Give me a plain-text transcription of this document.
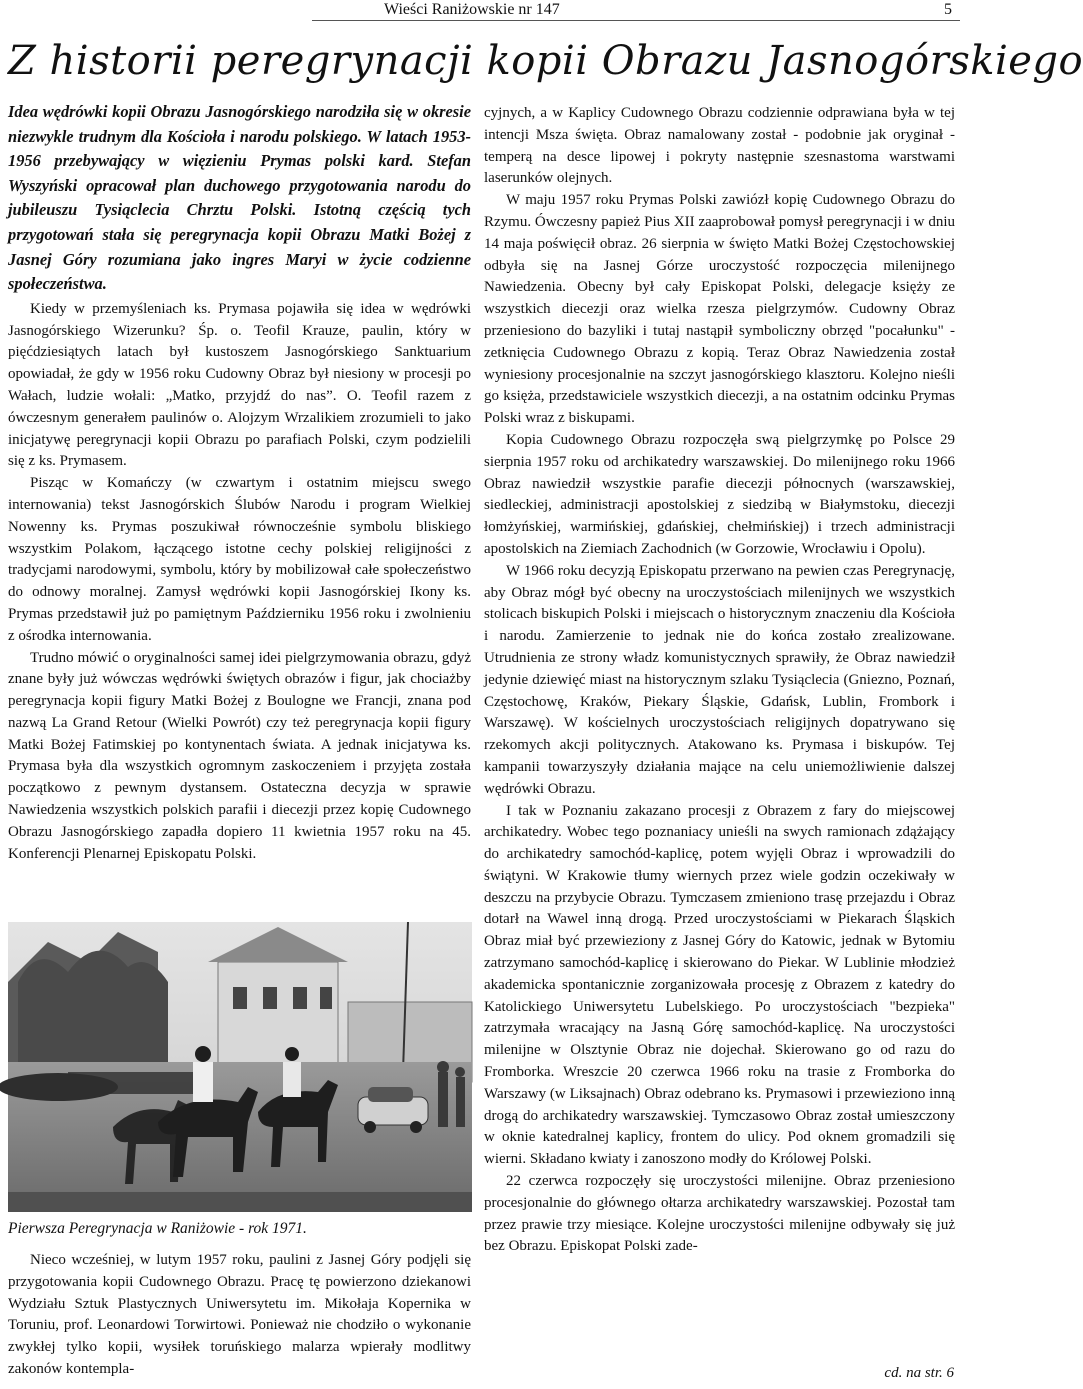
Wieści Raniżowskie nr 147	5
Z historii peregrynacji kopii Obrazu Jasnogórskiego

Idea wędrówki kopii Obrazu Jasnogórskiego narodziła się w okresie niezwykle trudnym dla Kościoła i narodu polskiego. W latach 1953-1956 przebywający w więzieniu Prymas polski kard. Stefan Wyszyński opracował plan duchowego przygotowania narodu do jubileuszu Tysiąclecia Chrztu Polski. Istotną częścią tych przygotowań stała się peregrynacja kopii Obrazu Matki Bożej z Jasnej Góry rozumiana jako ingres Maryi w życie codzienne społeczeństwa.

Kiedy w przemyśleniach ks. Prymasa pojawiła się idea w wędrówki Jasnogórskiego Wizerunku? Śp. o. Teofil Krauze, paulin, który w pięćdziesiątych latach był kustoszem Jasnogórskiego Sanktuarium opowiadał, że gdy w 1956 roku Cudowny Obraz był niesiony w procesji po Wałach, ludzie wołali: „Matko, przyjdź do nas”. O. Teofil razem z ówczesnym generałem paulinów o. Alojzym Wrzalikiem zrozumieli to jako inicjatywę peregrynacji kopii Obrazu po parafiach Polski, czym podzielili się z ks. Prymasem.

Pisząc w Komańczy (w czwartym i ostatnim miejscu swego internowania) tekst Jasnogórskich Ślubów Narodu i program Wielkiej Nowenny ks. Prymas poszukiwał równocześnie symbolu bliskiego wszystkim Polakom, łączącego istotne cechy polskiej religijności z tradycjami narodowymi, symbolu, który by mobilizował całe społeczeństwo do odnowy moralnej. Zamysł wędrówki kopii Jasnogórskiej Ikony ks. Prymas przedstawił już po pamiętnym Październiku 1956 roku i zwolnieniu z ośrodka internowania.

Trudno mówić o oryginalności samej idei pielgrzymowania obrazu, gdyż znane były już wówczas wędrówki świętych obrazów i figur, jak chociażby peregrynacja kopii figury Matki Bożej z Boulogne we Francji, znana pod nazwą La Grand Retour (Wielki Powrót) czy też peregrynacja kopii figury Matki Bożej Fatimskiej po kontynentach świata. A jednak inicjatywa ks. Prymasa była dla wszystkich ogromnym zaskoczeniem i przyjęta została początkowo z pewnym dystansem. Ostateczna decyzja w sprawie Nawiedzenia wszystkich polskich parafii i diecezji przez kopię Cudownego Obrazu Jasnogórskiego zapadła dopiero 11 kwietnia 1957 roku na 45. Konferencji Plenarnej Episkopatu Polski.

Pierwsza Peregrynacja w Raniżowie - rok 1971.

Nieco wcześniej, w lutym 1957 roku, paulini z Jasnej Góry podjęli się przygotowania kopii Cudownego Obrazu. Pracę tę powierzono dziekanowi Wydziału Sztuk Plastycznych Uniwersytetu im. Mikołaja Kopernika w Toruniu, prof. Leonardowi Torwirtowi. Ponieważ nie chodziło o wykonanie zwykłej tylko kopii, wysiłek toruńskiego malarza wpierały modlitwy zakonów kontempla-

cyjnych, a w Kaplicy Cudownego Obrazu codziennie odprawiana była w tej intencji Msza święta. Obraz namalowany został - podobnie jak oryginał - temperą na desce lipowej i pokryty następnie szesnastoma warstwami laserunków olejnych.

W maju 1957 roku Prymas Polski zawiózł kopię Cudownego Obrazu do Rzymu. Ówczesny papież Pius XII zaaprobował pomysł peregrynacji i w dniu 14 maja poświęcił obraz. 26 sierpnia w święto Matki Bożej Częstochowskiej odbyła się na Jasnej Górze uroczystość rozpoczęcia milenijnego Nawiedzenia. Obecny był cały Episkopat Polski, delegacje księży ze wszystkich diecezji oraz wielka rzesza pielgrzymów. Cudowny Obraz przeniesiono do bazyliki i tutaj nastąpił symboliczny obrzęd "pocałunku" - zetknięcia Cudownego Obrazu z kopią. Teraz Obraz Nawiedzenia został wyniesiony procesjonalnie na szczyt jasnogórskiego klasztoru. Kolejno nieśli go księża, przedstawiciele wszystkich diecezji, a na ostatnim odcinku Prymas Polski wraz z biskupami.

Kopia Cudownego Obrazu rozpoczęła swą pielgrzymkę po Polsce 29 sierpnia 1957 roku od archikatedry warszawskiej. Do milenijnego roku 1966 Obraz nawiedził wszystkie parafie diecezji północnych (warszawskiej, siedleckiej, administracji apostolskiej z siedzibą w Białymstoku, diecezji łomżyńskiej, warmińskiej, gdańskiej, chełmińskiej) i trzech administracji apostolskich na Ziemiach Zachodnich (w Gorzowie, Wrocławiu i Opolu).

W 1966 roku decyzją Episkopatu przerwano na pewien czas Peregrynację, aby Obraz mógł być obecny na uroczystościach milenijnych we wszystkich stolicach biskupich Polski i miejscach o historycznym znaczeniu dla Kościoła i narodu. Zamierzenie to jednak nie do końca zostało zrealizowane. Utrudnienia ze strony władz komunistycznych sprawiły, że Obraz nawiedził jedynie dziewięć miast na historycznym szlaku Tysiąclecia (Gniezno, Poznań, Częstochowę, Kraków, Piekary Śląskie, Gdańsk, Lublin, Frombork i Warszawę). W kościelnych uroczystościach religijnych dopatrywano się rzekomych akcji politycznych. Atakowano ks. Prymasa i biskupów. Tej kampanii towarzyszyły działania mające na celu uniemożliwienie dalszej wędrówki Obrazu.

I tak w Poznaniu zakazano procesji z Obrazem z fary do miejscowej archikatedry. Wobec tego poznaniacy unieśli na swych ramionach zdążający do archikatedry samochód-kaplicę, potem wyjęli Obraz i wprowadzili do świątyni. W Krakowie tłumy wiernych przez wiele godzin oczekiwały w deszczu na przybycie Obrazu. Tymczasem zmieniono trasę przejazdu i Obraz dotarł na Wawel inną drogą. Przed uroczystościami w Piekarach Śląskich Obraz miał być przewieziony z Jasnej Góry do Katowic, jednak w Bytomiu zatrzymano samochód-kaplicę i skierowano do Piekar. W Lublinie młodzież akademicka spontanicznie zorganizowała procesję z Obrazem z katedry do Katolickiego Uniwersytetu Lubelskiego. Po uroczystościach "bezpieka" zatrzymała wracający na Jasną Górę samochód-kaplicę. Na uroczystości milenijne w Olsztynie Obraz nie dojechał. Skierowano go od razu do Fromborka. Wreszcie 20 czerwca 1966 roku na trasie z Fromborka do Warszawy (w Liksajnach) Obraz odebrano ks. Prymasowi i przewieziono inną drogą do archikatedry warszawskiej. Tymczasowo Obraz został umieszczony w oknie katedralnej kaplicy, frontem do ulicy. Pod oknem gromadzili się wierni. Składano kwiaty i zanoszono modły do Królowej Polski.

22 czerwca rozpoczęły się uroczystości milenijne. Obraz przeniesiono procesjonalnie do głównego ołtarza archikatedry warszawskiej. Pozostał tam przez prawie trzy miesiące. Kolejne uroczystości milenijne odbywały się już bez Obrazu. Episkopat Polski zade-

cd. na str. 6
